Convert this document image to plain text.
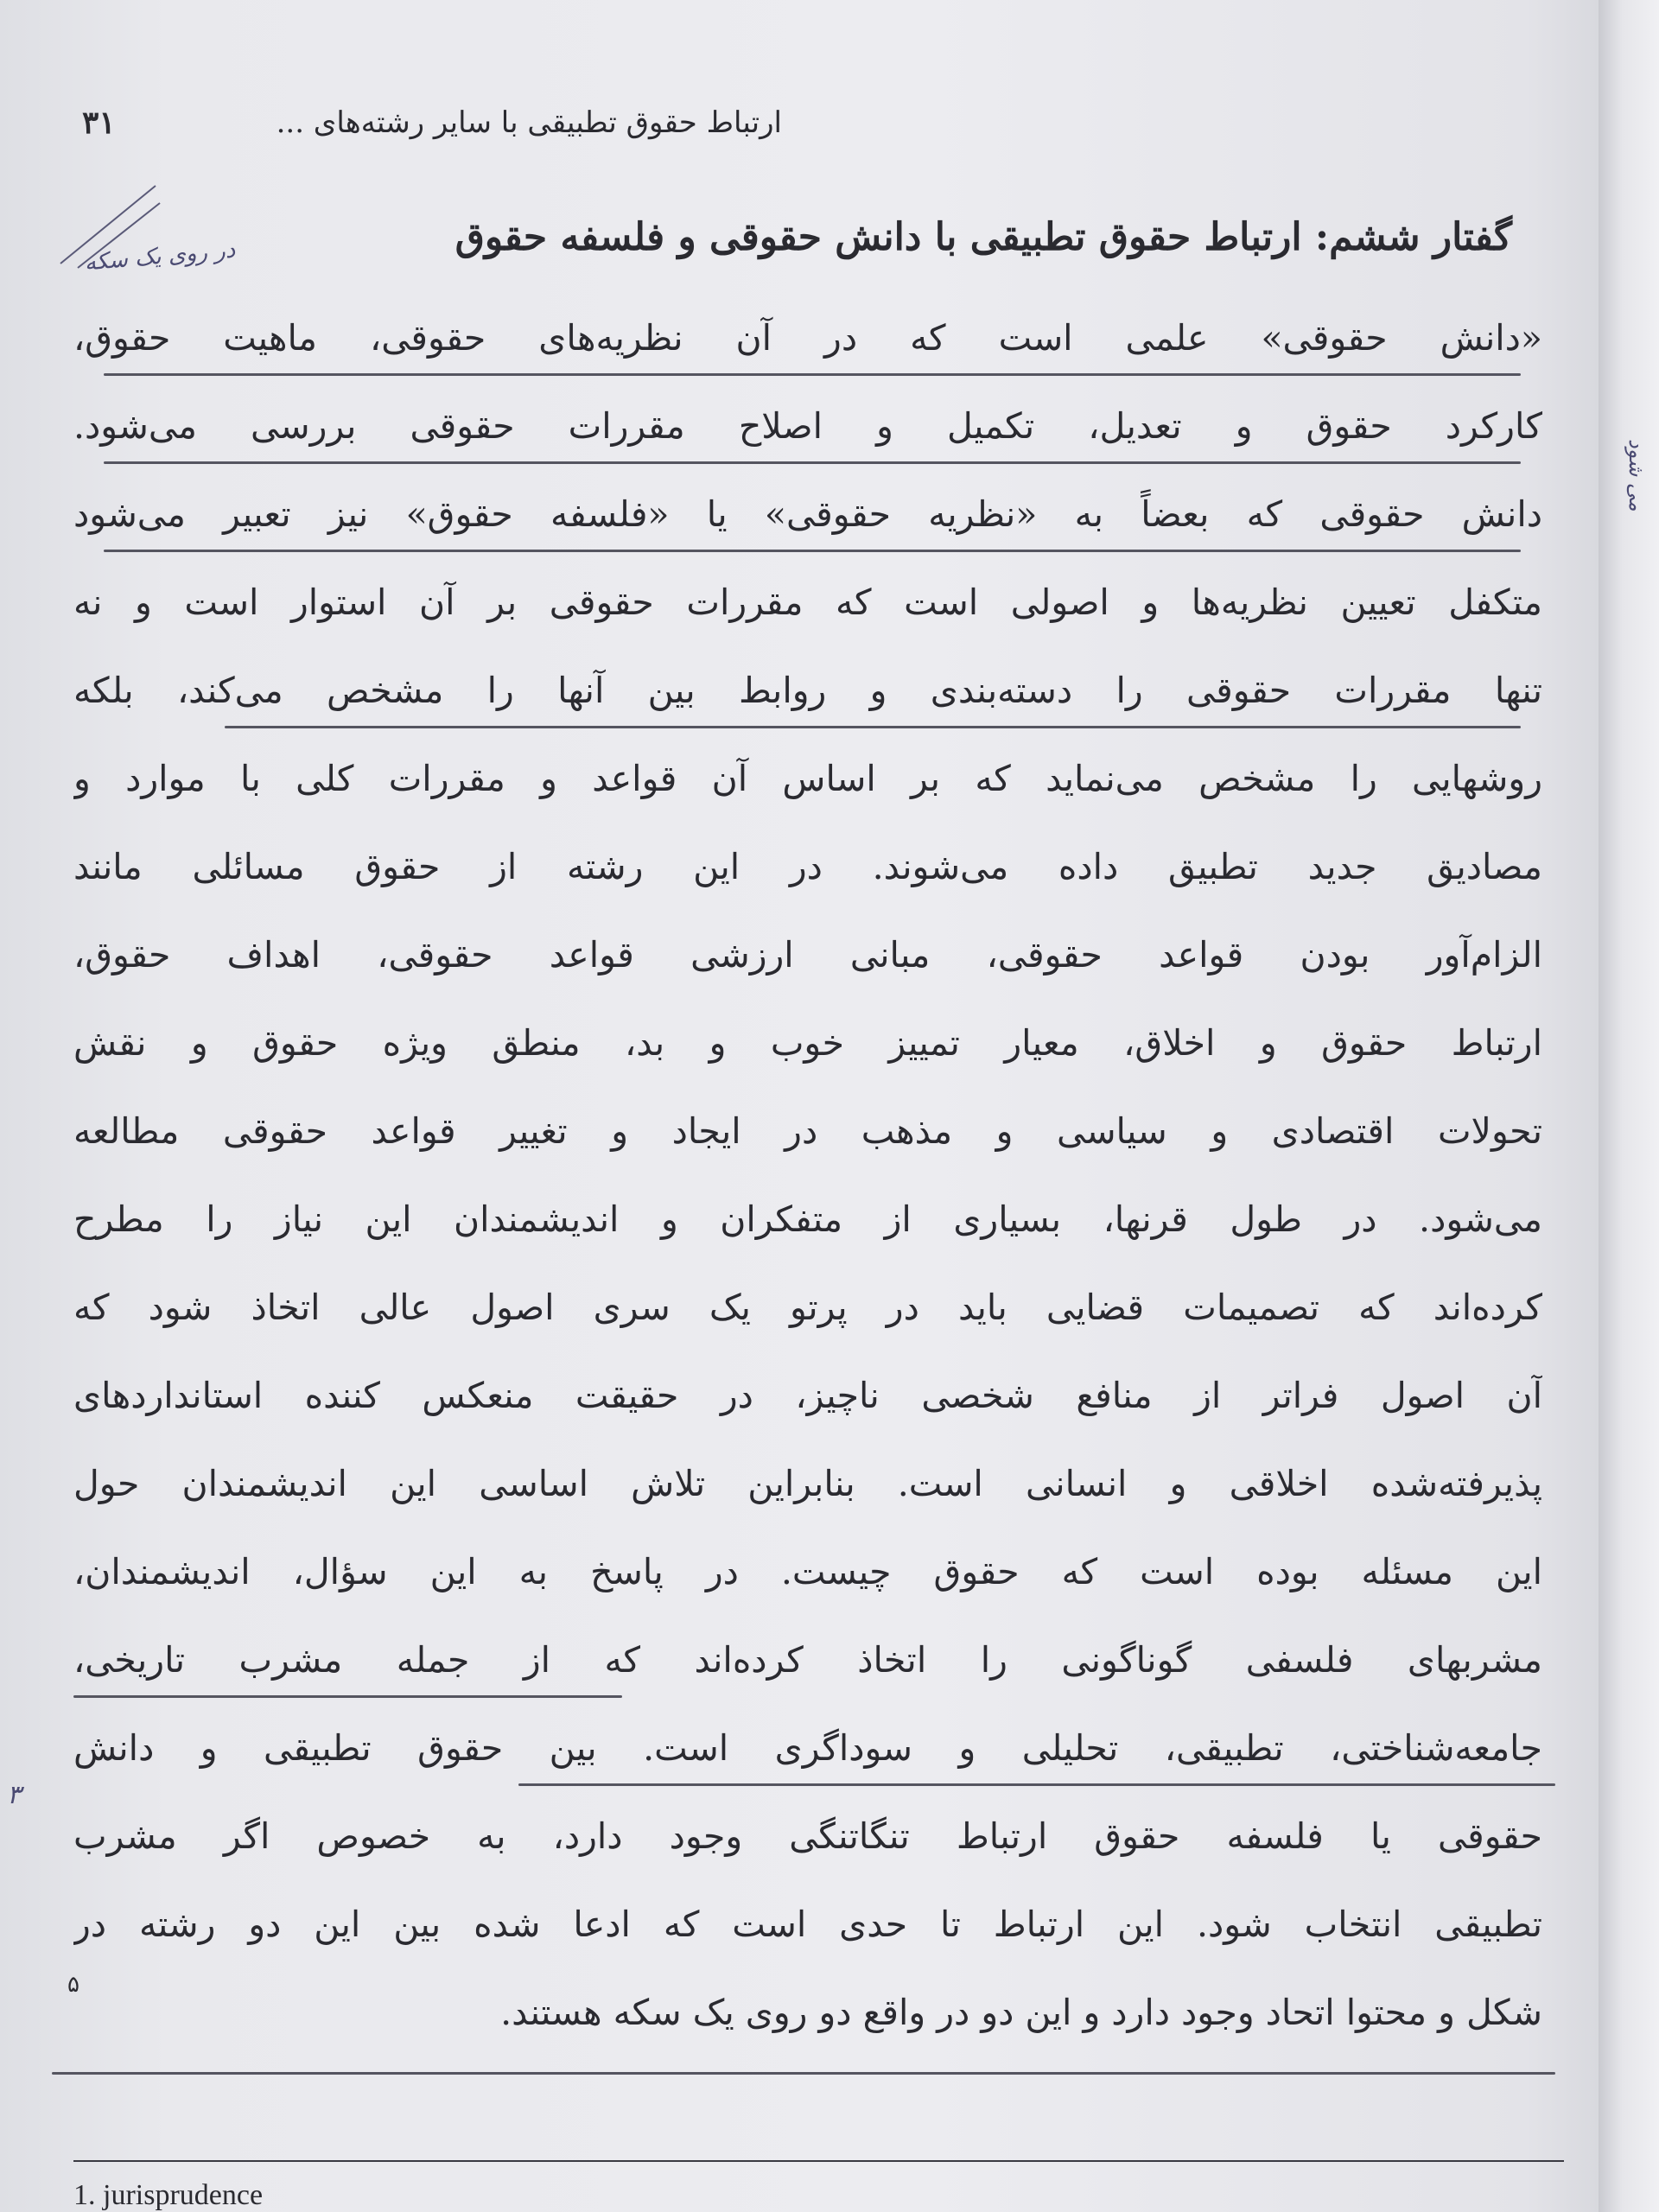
ارتباط حقوق تطبیقی با سایر رشته‌های ...
۳۱
در روی یک سکه	گفتار ششم: ارتباط حقوق تطبیقی با دانش حقوقی و فلسفه حقوق
«دانش حقوقی» علمی است که در آن نظریه‌های حقوقی، ماهیت حقوق،
کارکرد حقوق و تعدیل، تکمیل و اصلاح مقررات حقوقی بررسی می‌شود.
دانش حقوقی که بعضاً به «نظریه حقوقی» یا «فلسفه حقوق» نیز تعبیر می‌شود
متکفل تعیین نظریه‌ها و اصولی است که مقررات حقوقی بر آن استوار است و نه
تنها مقررات حقوقی را دسته‌بندی و روابط بین آنها را مشخص می‌کند، بلکه
روشهایی را مشخص می‌نماید که بر اساس آن قواعد و مقررات کلی با موارد و
مصادیق جدید تطبیق داده می‌شوند. در این رشته از حقوق مسائلی مانند
الزام‌آور بودن قواعد حقوقی، مبانی ارزشی قواعد حقوقی، اهداف حقوق،
ارتباط حقوق و اخلاق، معیار تمییز خوب و بد، منطق ویژه حقوق و نقش
تحولات اقتصادی و سیاسی و مذهب در ایجاد و تغییر قواعد حقوقی مطالعه
می‌شود. در طول قرنها، بسیاری از متفکران و اندیشمندان این نیاز را مطرح
کرده‌اند که تصمیمات قضایی باید در پرتو یک سری اصول عالی اتخاذ شود که
آن اصول فراتر از منافع شخصی ناچیز، در حقیقت منعکس کننده استانداردهای
پذیرفته‌شده اخلاقی و انسانی است. بنابراین تلاش اساسی این اندیشمندان حول
این مسئله بوده است که حقوق چیست. در پاسخ به این سؤال، اندیشمندان،
مشربهای فلسفی گوناگونی را اتخاذ کرده‌اند که از جمله مشرب تاریخی،
جامعه‌شناختی، تطبیقی، تحلیلی و سوداگری است. بین حقوق تطبیقی و دانش
حقوقی یا فلسفه حقوق ارتباط تنگاتنگی وجود دارد، به خصوص اگر مشرب
تطبیقی انتخاب شود. این ارتباط تا حدی است که ادعا شده بین این دو رشته در
شکل و محتوا اتحاد وجود دارد و این دو در واقع دو روی یک سکه هستند.
می شود
۳
۵
1. jurisprudence
